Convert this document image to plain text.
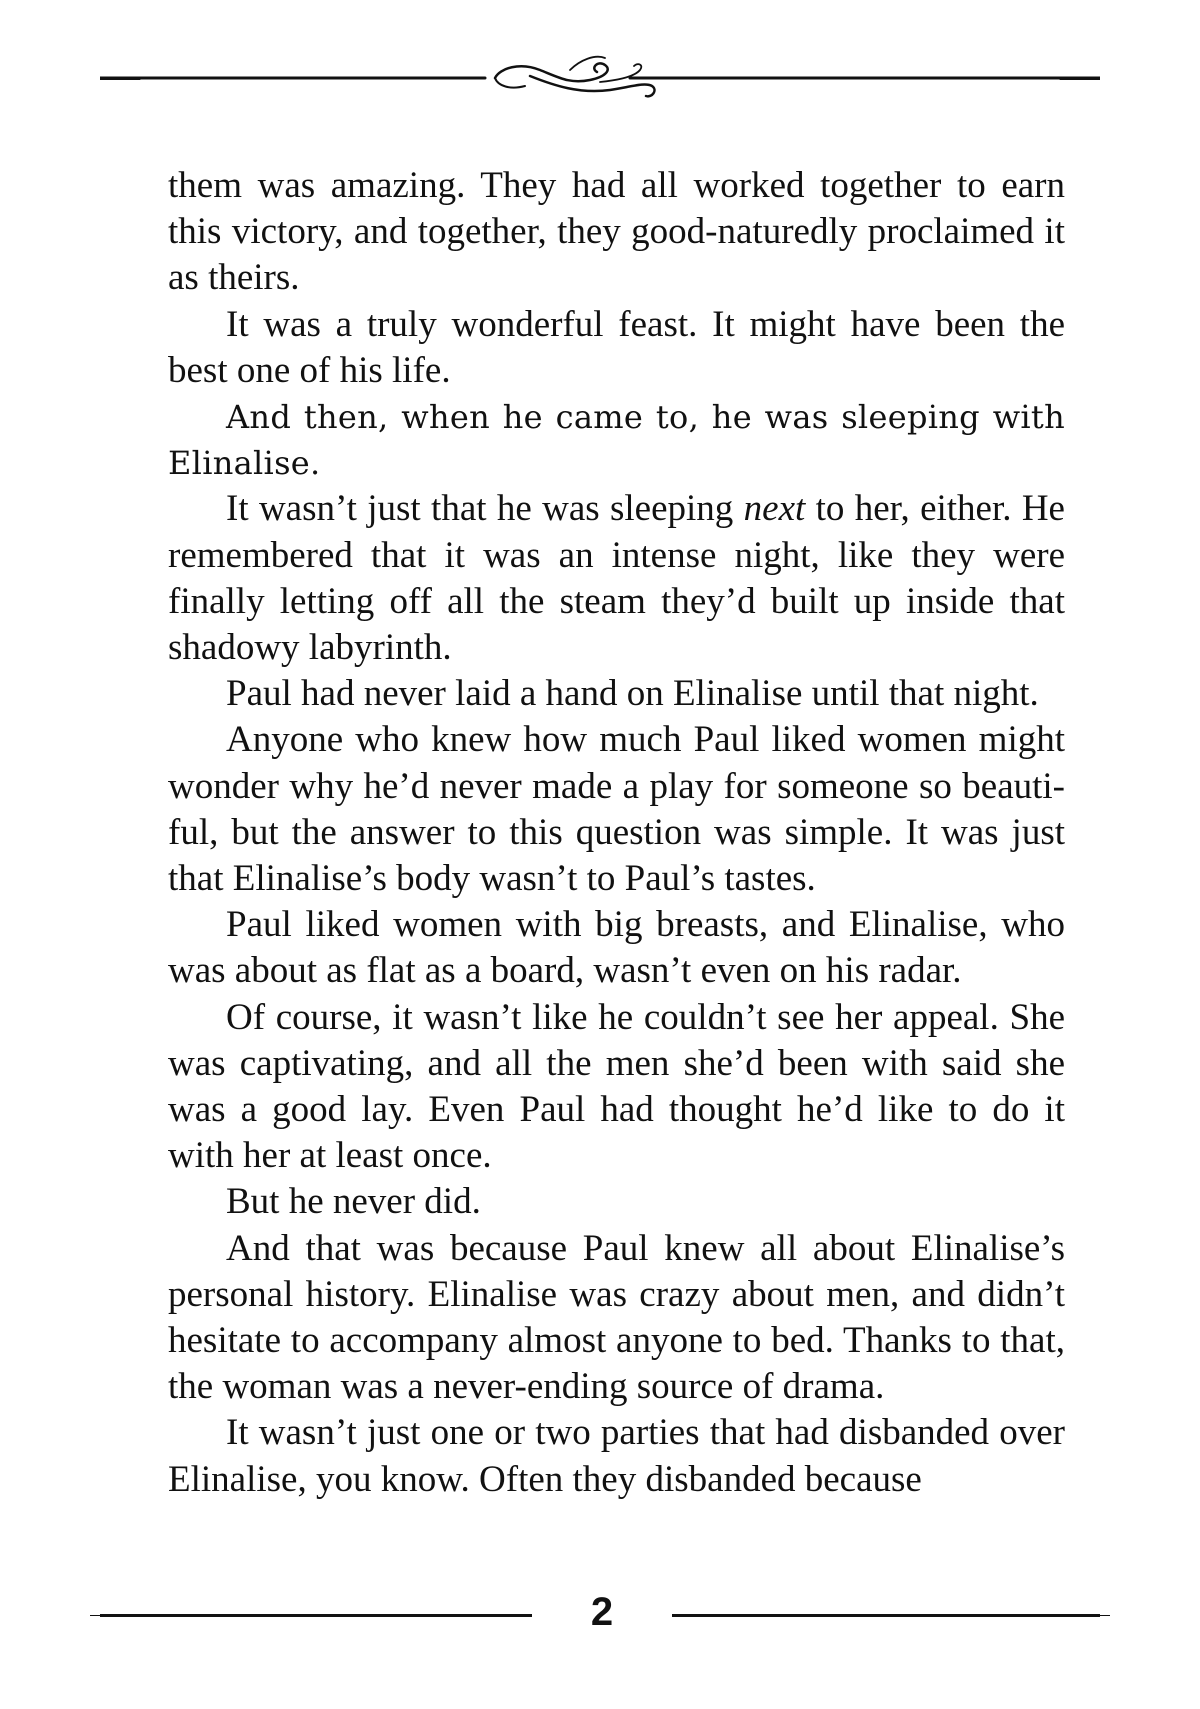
them was amazing. They had all worked together to earn this victory, and together, they good-naturedly proclaimed it as theirs.

It was a truly wonderful feast. It might have been the best one of his life.

And then, when he came to, he was sleeping with Elinalise.

It wasn’t just that he was sleeping next to her, either. He remembered that it was an intense night, like they were finally letting off all the steam they’d built up inside that shadowy labyrinth.

Paul had never laid a hand on Elinalise until that night.

Anyone who knew how much Paul liked women might wonder why he’d never made a play for someone so beauti-ful, but the answer to this question was simple. It was just that Elinalise’s body wasn’t to Paul’s tastes.

Paul liked women with big breasts, and Elinalise, who was about as flat as a board, wasn’t even on his radar.

Of course, it wasn’t like he couldn’t see her appeal. She was captivating, and all the men she’d been with said she was a good lay. Even Paul had thought he’d like to do it with her at least once.

But he never did.

And that was because Paul knew all about Elinalise’s personal history. Elinalise was crazy about men, and didn’t hesitate to accompany almost anyone to bed. Thanks to that, the woman was a never-ending source of drama.

It wasn’t just one or two parties that had disbanded over Elinalise, you know. Often they disbanded because

2
